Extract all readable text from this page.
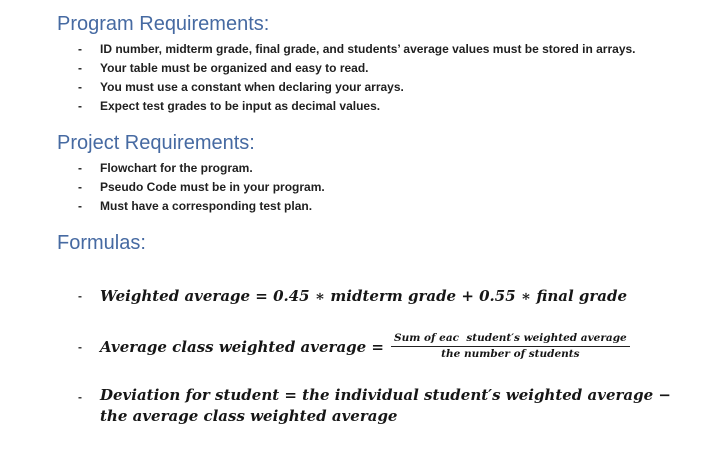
Program Requirements:
-	ID number, midterm grade, final grade, and students’ average values must be stored in arrays.
-	Your table must be organized and easy to read.
-	You must use a constant when declaring your arrays.
-	Expect test grades to be input as decimal values.
Project Requirements:
-	Flowchart for the program.
-	Pseudo Code must be in your program.
-	Must have a corresponding test plan.
Formulas:
-	Weighted average = 0.45 ∗ midterm grade + 0.55 ∗ final grade
-	Average class weighted average = $\frac{\text{Sum of eac  student′s weighted average}}{\text{the number of students}}$
-	Deviation for student = the individual student′s weighted average −
the average class weighted average
